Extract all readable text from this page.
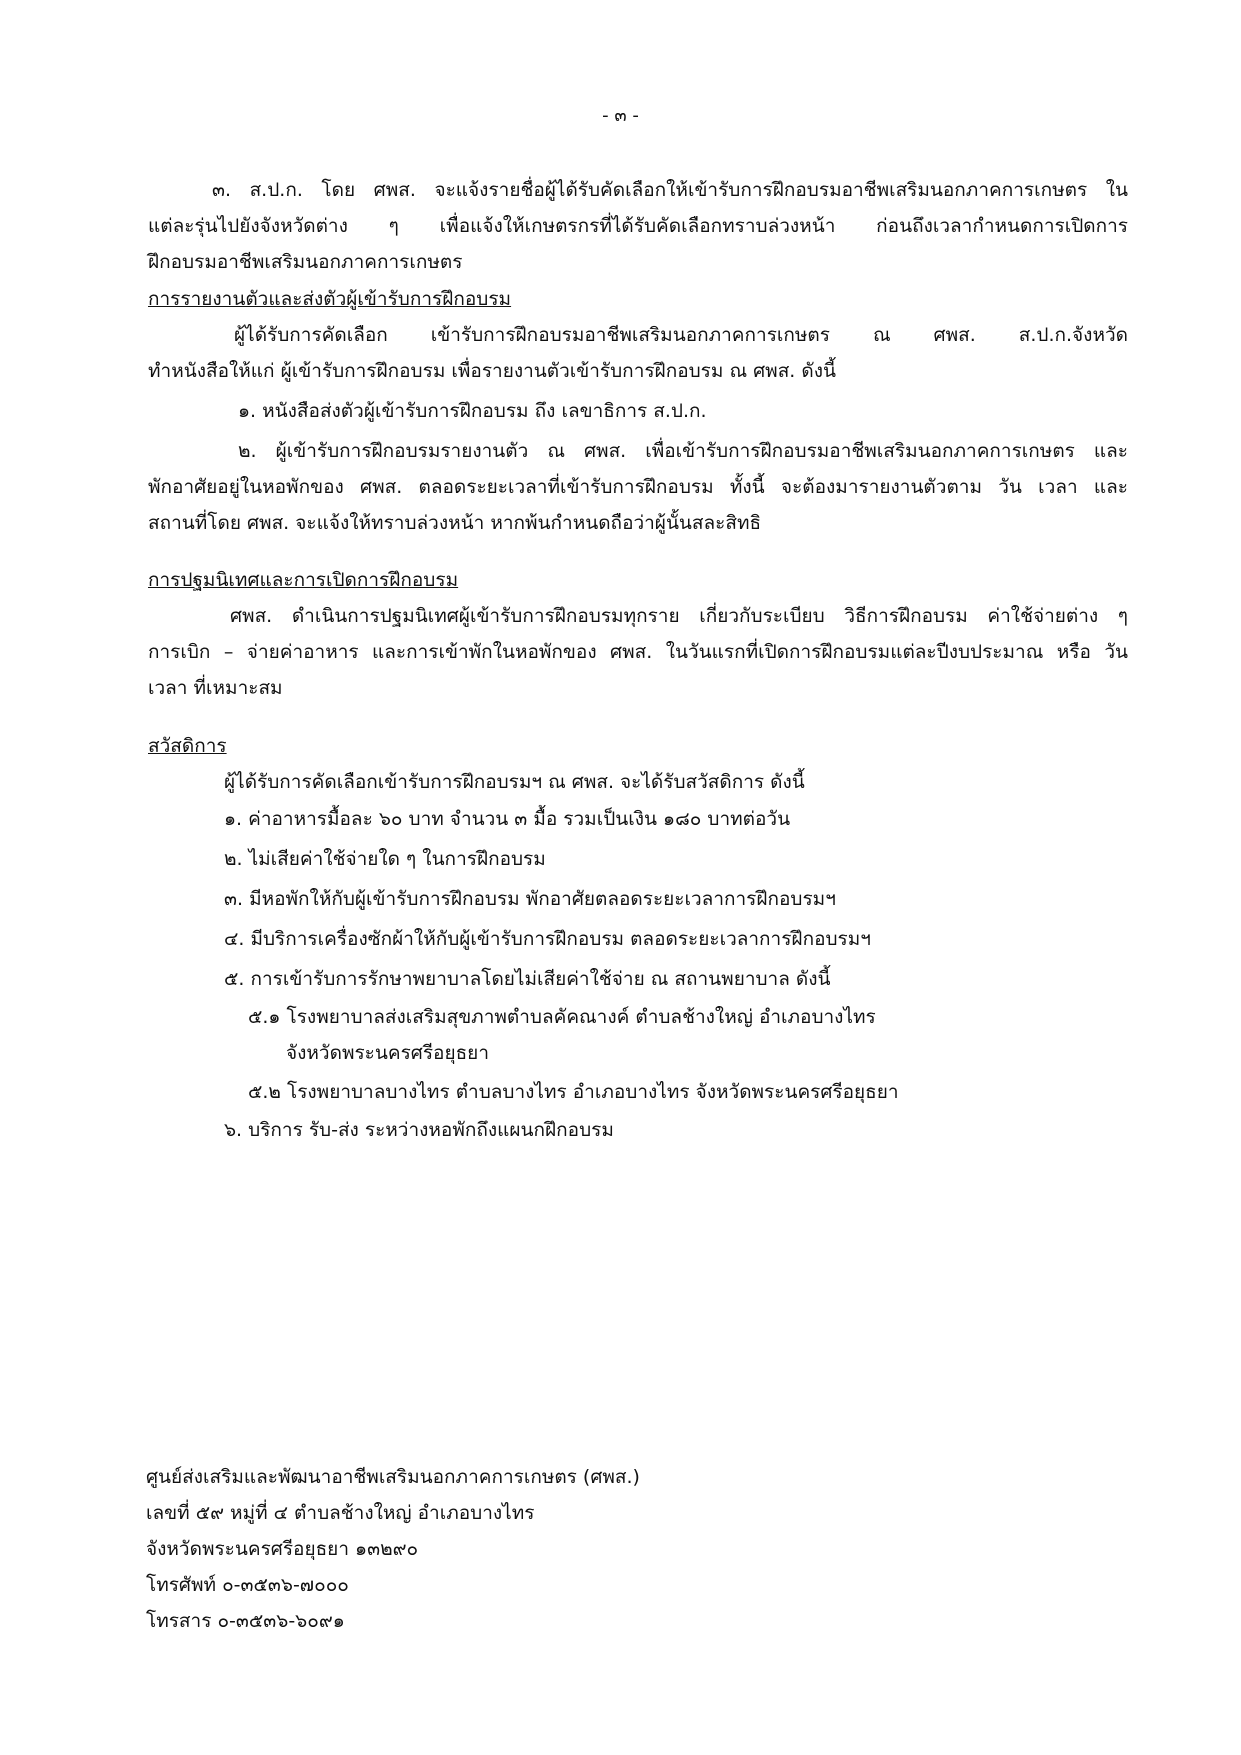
- ๓ -
๓. ส.ป.ก. โดย ศพส. จะแจ้งรายชื่อผู้ได้รับคัดเลือกให้เข้ารับการฝึกอบรมอาชีพเสริมนอกภาคการเกษตร ใน
แต่ละรุ่นไปยังจังหวัดต่าง ๆ เพื่อแจ้งให้เกษตรกรที่ได้รับคัดเลือกทราบล่วงหน้า ก่อนถึงเวลากำหนดการเปิดการ
ฝึกอบรมอาชีพเสริมนอกภาคการเกษตร
การรายงานตัวและส่งตัวผู้เข้ารับการฝึกอบรม
ผู้ได้รับการคัดเลือก เข้ารับการฝึกอบรมอาชีพเสริมนอกภาคการเกษตร ณ ศพส. ส.ป.ก.จังหวัด
ทำหนังสือให้แก่ ผู้เข้ารับการฝึกอบรม เพื่อรายงานตัวเข้ารับการฝึกอบรม ณ ศพส. ดังนี้
๑. หนังสือส่งตัวผู้เข้ารับการฝึกอบรม ถึง เลขาธิการ ส.ป.ก.
๒. ผู้เข้ารับการฝึกอบรมรายงานตัว ณ ศพส. เพื่อเข้ารับการฝึกอบรมอาชีพเสริมนอกภาคการเกษตร และ
พักอาศัยอยู่ในหอพักของ ศพส. ตลอดระยะเวลาที่เข้ารับการฝึกอบรม ทั้งนี้ จะต้องมารายงานตัวตาม วัน เวลา และ
สถานที่โดย ศพส. จะแจ้งให้ทราบล่วงหน้า หากพ้นกำหนดถือว่าผู้นั้นสละสิทธิ
การปฐมนิเทศและการเปิดการฝึกอบรม
ศพส. ดำเนินการปฐมนิเทศผู้เข้ารับการฝึกอบรมทุกราย เกี่ยวกับระเบียบ วิธีการฝึกอบรม ค่าใช้จ่ายต่าง ๆ
การเบิก – จ่ายค่าอาหาร และการเข้าพักในหอพักของ ศพส. ในวันแรกที่เปิดการฝึกอบรมแต่ละปีงบประมาณ หรือ วัน
เวลา ที่เหมาะสม
สวัสดิการ
ผู้ได้รับการคัดเลือกเข้ารับการฝึกอบรมฯ ณ ศพส. จะได้รับสวัสดิการ ดังนี้
๑. ค่าอาหารมื้อละ ๖๐ บาท จำนวน ๓ มื้อ รวมเป็นเงิน ๑๘๐ บาทต่อวัน
๒. ไม่เสียค่าใช้จ่ายใด ๆ ในการฝึกอบรม
๓. มีหอพักให้กับผู้เข้ารับการฝึกอบรม พักอาศัยตลอดระยะเวลาการฝึกอบรมฯ
๔. มีบริการเครื่องซักผ้าให้กับผู้เข้ารับการฝึกอบรม ตลอดระยะเวลาการฝึกอบรมฯ
๕. การเข้ารับการรักษาพยาบาลโดยไม่เสียค่าใช้จ่าย ณ สถานพยาบาล ดังนี้
๕.๑ โรงพยาบาลส่งเสริมสุขภาพตำบลคัคณางค์ ตำบลช้างใหญ่ อำเภอบางไทร
จังหวัดพระนครศรีอยุธยา
๕.๒ โรงพยาบาลบางไทร ตำบลบางไทร อำเภอบางไทร จังหวัดพระนครศรีอยุธยา
๖. บริการ รับ-ส่ง ระหว่างหอพักถึงแผนกฝึกอบรม
ศูนย์ส่งเสริมและพัฒนาอาชีพเสริมนอกภาคการเกษตร (ศพส.)
เลขที่ ๕๙ หมู่ที่ ๔ ตำบลช้างใหญ่ อำเภอบางไทร
จังหวัดพระนครศรีอยุธยา ๑๓๒๙๐
โทรศัพท์ ๐-๓๕๓๖-๗๐๐๐
โทรสาร ๐-๓๕๓๖-๖๐๙๑
